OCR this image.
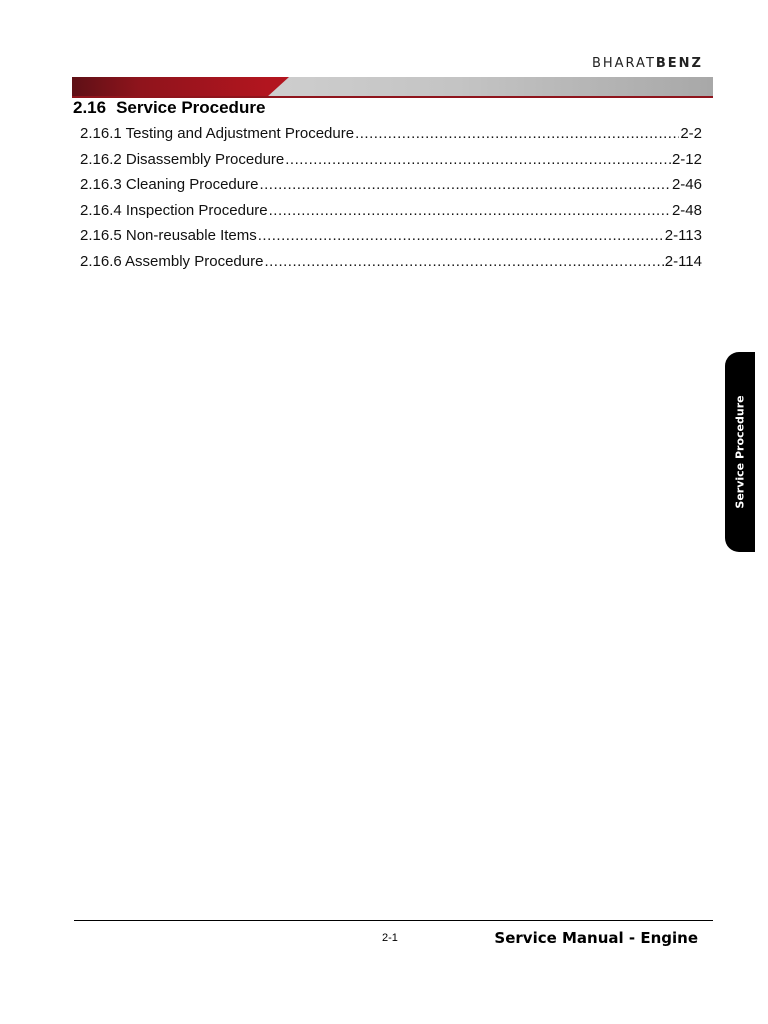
BHARATBENZ
2.16 Service Procedure
2.16.1 Testing and Adjustment Procedure .....	2-2
2.16.2 Disassembly Procedure .....	2-12
2.16.3 Cleaning Procedure .....	2-46
2.16.4 Inspection Procedure .....	2-48
2.16.5 Non-reusable Items .....	2-113
2.16.6 Assembly Procedure .....	2-114
Service Procedure
2-1	Service Manual - Engine
